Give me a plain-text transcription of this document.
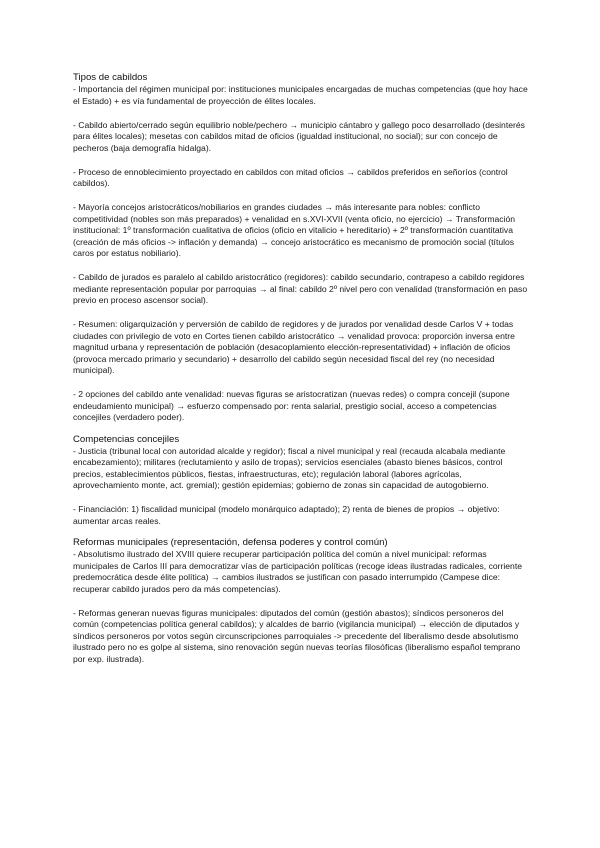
Tipos de cabildos

- Importancia del régimen municipal por: instituciones municipales encargadas de muchas competencias (que hoy hace el Estado) + es vía fundamental de proyección de élites locales.

- Cabildo abierto/cerrado según equilibrio noble/pechero → municipio cántabro y gallego poco desarrollado (desinterés para élites locales); mesetas con cabildos mitad de oficios (igualdad institucional, no social); sur con concejo de pecheros (baja demografía hidalga).

- Proceso de ennoblecimiento proyectado en cabildos con mitad oficios → cabildos preferidos en señoríos (control cabildos).

- Mayoría concejos aristocráticos/nobiliarios en grandes ciudades → más interesante para nobles: conflicto competitividad (nobles son más preparados) + venalidad en s.XVI-XVII (venta oficio, no ejercicio) → Transformación institucional: 1º transformación cualitativa de oficios (oficio en vitalicio + hereditario) + 2º transformación cuantitativa (creación de más oficios -> inflación y demanda) → concejo aristocrático es mecanismo de promoción social (títulos caros por estatus nobiliario).

- Cabildo de jurados es paralelo al cabildo aristocrático (regidores): cabildo secundario, contrapeso a cabildo regidores mediante representación popular por parroquias → al final: cabildo 2º nivel pero con venalidad (transformación en paso previo en proceso ascensor social).

- Resumen: oligarquización y perversión de cabildo de regidores y de jurados por venalidad desde Carlos V + todas ciudades con privilegio de voto en Cortes tienen cabildo aristocrático → venalidad provoca: proporción inversa entre magnitud urbana y representación de población (desacoplamiento elección-representatividad) + inflación de oficios (provoca mercado primario y secundario) + desarrollo del cabildo según necesidad fiscal del rey (no necesidad municipal).

- 2 opciones del cabildo ante venalidad: nuevas figuras se aristocratizan (nuevas redes) o compra concejil (supone endeudamiento municipal) → esfuerzo compensado por: renta salarial, prestigio social, acceso a competencias concejiles (verdadero poder).

Competencias concejiles

- Justicia (tribunal local con autoridad alcalde y regidor); fiscal a nivel municipal y real (recauda alcabala mediante encabezamiento); militares (reclutamiento y asilo de tropas); servicios esenciales (abasto bienes básicos, control precios, establecimientos públicos, fiestas, infraestructuras, etc); regulación laboral (labores agrícolas, aprovechamiento monte, act. gremial); gestión epidemias; gobierno de zonas sin capacidad de autogobierno.

- Financiación: 1) fiscalidad municipal (modelo monárquico adaptado); 2) renta de bienes de propios → objetivo: aumentar arcas reales.

Reformas municipales (representación, defensa poderes y control común)

- Absolutismo ilustrado del XVIII quiere recuperar participación política del común a nivel municipal: reformas municipales de Carlos III para democratizar vías de participación políticas (recoge ideas ilustradas radicales, corriente predemocrática desde élite política) → cambios ilustrados se justifican con pasado interrumpido (Campese dice: recuperar cabildo jurados pero da más competencias).

- Reformas generan nuevas figuras municipales: diputados del común (gestión abastos); síndicos personeros del común (competencias política general cabildos); y alcaldes de barrio (vigilancia municipal) → elección de diputados y síndicos personeros por votos según circunscripciones parroquiales -> precedente del liberalismo desde absolutismo ilustrado pero no es golpe al sistema, sino renovación según nuevas teorías filosóficas (liberalismo español temprano por exp. ilustrada).
